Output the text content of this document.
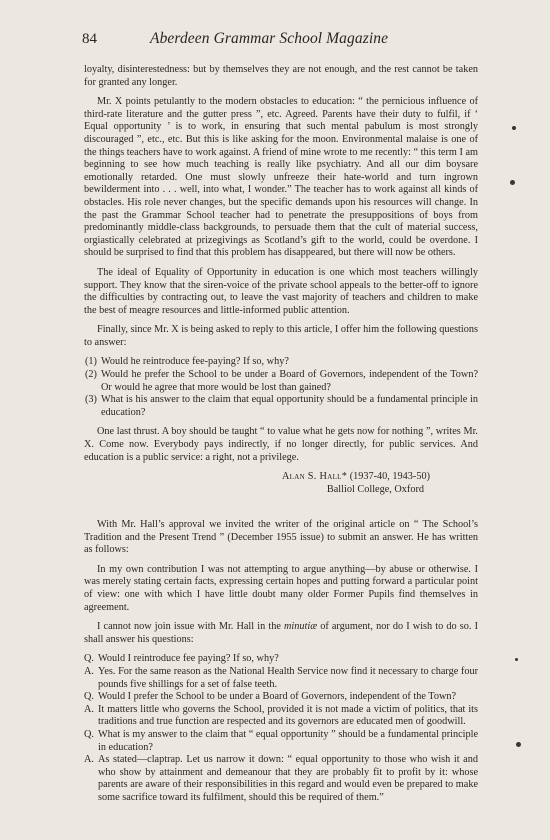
84	Aberdeen Grammar School Magazine

loyalty, disinterestedness: but by themselves they are not enough, and the rest cannot be taken for granted any longer.

Mr. X points petulantly to the modern obstacles to education: “ the pernicious influence of third-rate literature and the gutter press ”, etc. Agreed. Parents have their duty to fulfil, if ‘ Equal opportunity ’ is to work, in ensuring that such mental pabulum is most strongly discouraged ”, etc., etc. But this is like asking for the moon. Environmental malaise is one of the things teachers have to work against. A friend of mine wrote to me recently: “ this term I am beginning to see how much teaching is really like psychiatry. And all our dim boysare emotionally retarded. One must slowly unfreeze their hate-world and turn ingrown bewilderment into . . . well, into what, I wonder.” The teacher has to work against all kinds of obstacles. His role never changes, but the specific demands upon his resources will change. In the past the Grammar School teacher had to penetrate the presuppositions of boys from predominantly middle-class backgrounds, to persuade them that the cult of material success, orgiastically celebrated at prizegivings as Scotland’s gift to the world, could be overdone. I should be surprised to find that this problem has disappeared, but there will now be others.

The ideal of Equality of Opportunity in education is one which most teachers willingly support. They know that the siren-voice of the private school appeals to the better-off to ignore the difficulties by contracting out, to leave the vast majority of teachers and children to make the best of meagre resources and little-informed public attention.

Finally, since Mr. X is being asked to reply to this article, I offer him the following questions to answer:

(1) Would he reintroduce fee-paying? If so, why?
(2) Would he prefer the School to be under a Board of Governors, independent of the Town? Or would he agree that more would be lost than gained?
(3) What is his answer to the claim that equal opportunity should be a fundamental principle in education?

One last thrust. A boy should be taught “ to value what he gets now for nothing ”, writes Mr. X. Come now. Everybody pays indirectly, if no longer directly, for public services. And education is a public service: a right, not a privilege.

Alan S. Hall* (1937-40, 1943-50)
Balliol College, Oxford

With Mr. Hall’s approval we invited the writer of the original article on “ The School’s Tradition and the Present Trend ” (December 1955 issue) to submit an answer. He has written as follows:

In my own contribution I was not attempting to argue anything—by abuse or otherwise. I was merely stating certain facts, expressing certain hopes and putting forward a particular point of view: one with which I have little doubt many older Former Pupils find themselves in agreement.

I cannot now join issue with Mr. Hall in the minutiæ of argument, nor do I wish to do so. I shall answer his questions:

Q. Would I reintroduce fee paying? If so, why?
A. Yes. For the same reason as the National Health Service now find it necessary to charge four pounds five shillings for a set of false teeth.
Q. Would I prefer the School to be under a Board of Governors, independent of the Town?
A. It matters little who governs the School, provided it is not made a victim of politics, that its traditions and true function are respected and its governors are educated men of goodwill.
Q. What is my answer to the claim that “ equal opportunity ” should be a fundamental principle in education?
A. As stated—claptrap. Let us narrow it down: “ equal opportunity to those who wish it and who show by attainment and demeanour that they are probably fit to profit by it: whose parents are aware of their responsibilities in this regard and would even be prepared to make some sacrifice toward its fulfilment, should this be required of them.”
